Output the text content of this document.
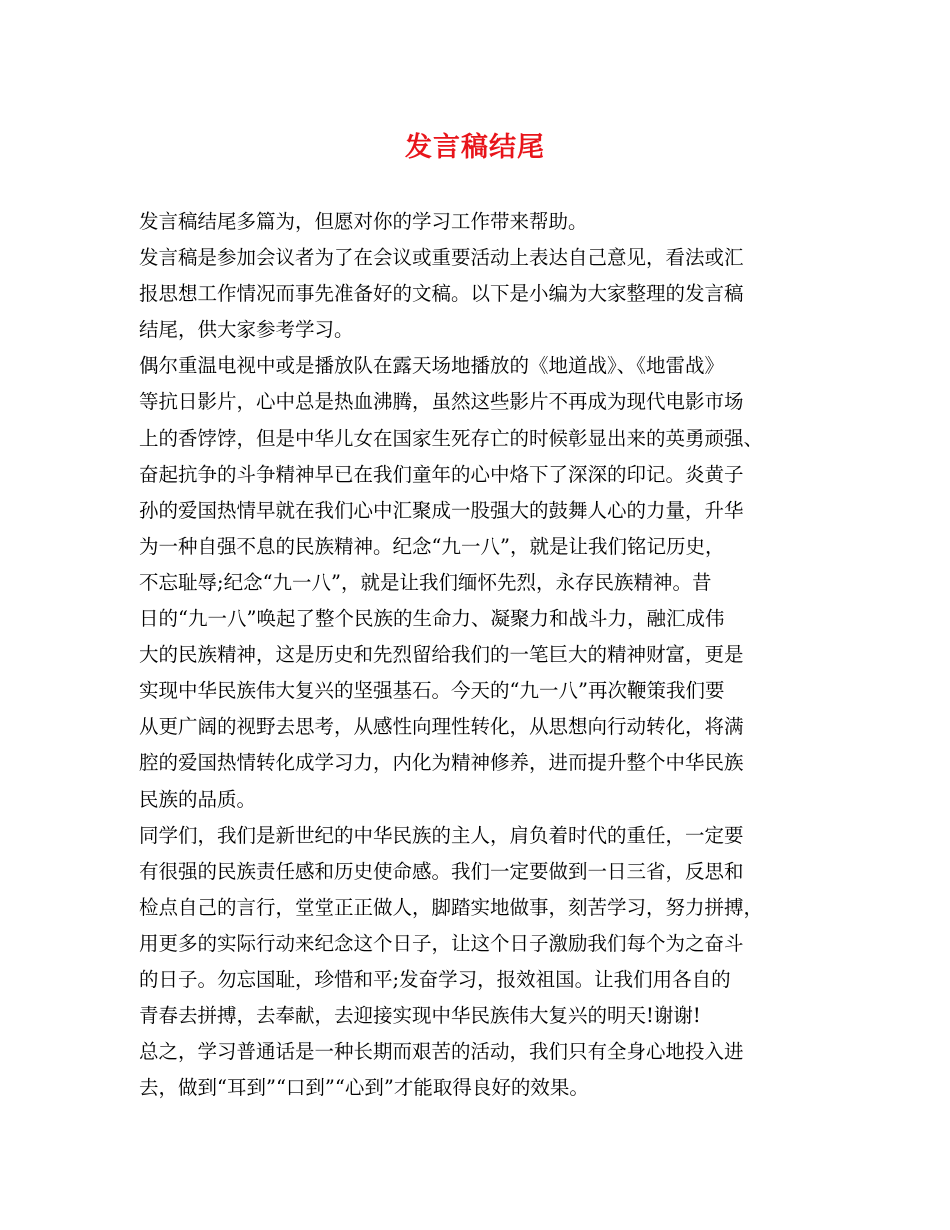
发言稿结尾
发言稿结尾多篇为，但愿对你的学习工作带来帮助。
发言稿是参加会议者为了在会议或重要活动上表达自己意见，看法或汇
报思想工作情况而事先准备好的文稿。以下是小编为大家整理的发言稿
结尾，供大家参考学习。
偶尔重温电视中或是播放队在露天场地播放的《地道战》、《地雷战》
等抗日影片，心中总是热血沸腾，虽然这些影片不再成为现代电影市场
上的香饽饽，但是中华儿女在国家生死存亡的时候彰显出来的英勇顽强、
奋起抗争的斗争精神早已在我们童年的心中烙下了深深的印记。炎黄子
孙的爱国热情早就在我们心中汇聚成一股强大的鼓舞人心的力量，升华
为一种自强不息的民族精神。纪念“九一八”，就是让我们铭记历史，
不忘耻辱;纪念“九一八”，就是让我们缅怀先烈，永存民族精神。昔
日的“九一八”唤起了整个民族的生命力、凝聚力和战斗力，融汇成伟
大的民族精神，这是历史和先烈留给我们的一笔巨大的精神财富，更是
实现中华民族伟大复兴的坚强基石。今天的“九一八”再次鞭策我们要
从更广阔的视野去思考，从感性向理性转化，从思想向行动转化，将满
腔的爱国热情转化成学习力，内化为精神修养，进而提升整个中华民族
民族的品质。
同学们，我们是新世纪的中华民族的主人，肩负着时代的重任，一定要
有很强的民族责任感和历史使命感。我们一定要做到一日三省，反思和
检点自己的言行，堂堂正正做人，脚踏实地做事，刻苦学习，努力拼搏，
用更多的实际行动来纪念这个日子，让这个日子激励我们每个为之奋斗
的日子。勿忘国耻，珍惜和平;发奋学习，报效祖国。让我们用各自的
青春去拼搏，去奉献，去迎接实现中华民族伟大复兴的明天!谢谢!
总之，学习普通话是一种长期而艰苦的活动，我们只有全身心地投入进
去，做到“耳到”“口到”“心到”才能取得良好的效果。
